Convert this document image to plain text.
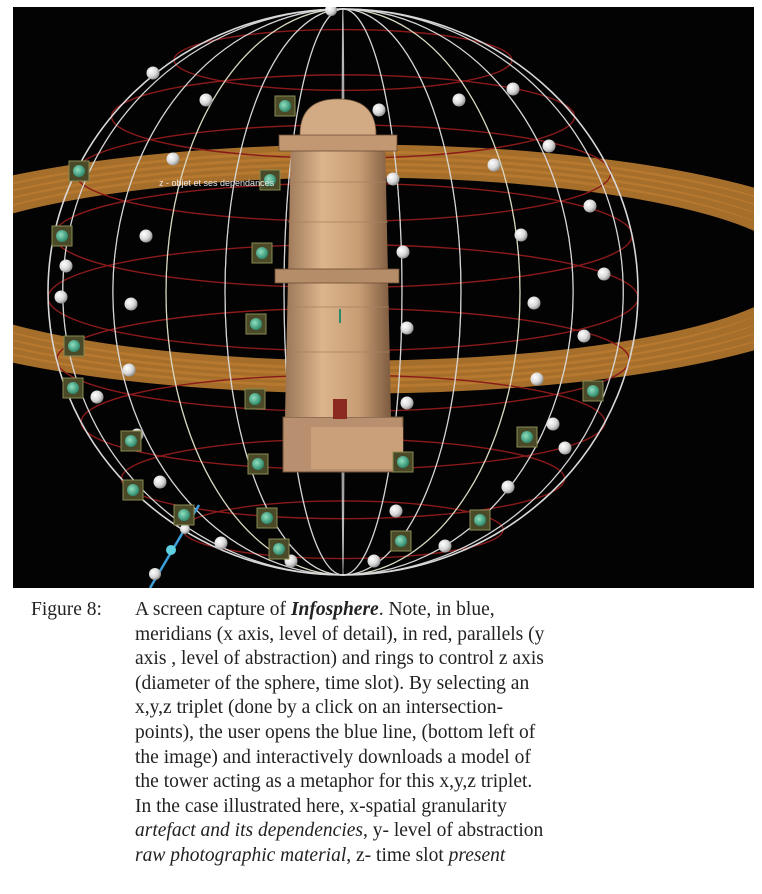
z - objet et ses dependances
Figure 8: A screen capture of Infosphere. Note, in blue,
meridians (x axis, level of detail), in red, parallels (y
axis , level of abstraction) and rings to control z axis
(diameter of the sphere, time slot). By selecting an
x,y,z triplet (done by a click on an intersection-
points), the user opens the blue line, (bottom left of
the image) and interactively downloads a model of
the tower acting as a metaphor for this x,y,z triplet.
In the case illustrated here, x-spatial granularity
artefact and its dependencies, y- level of abstraction
raw photographic material, z- time slot present
